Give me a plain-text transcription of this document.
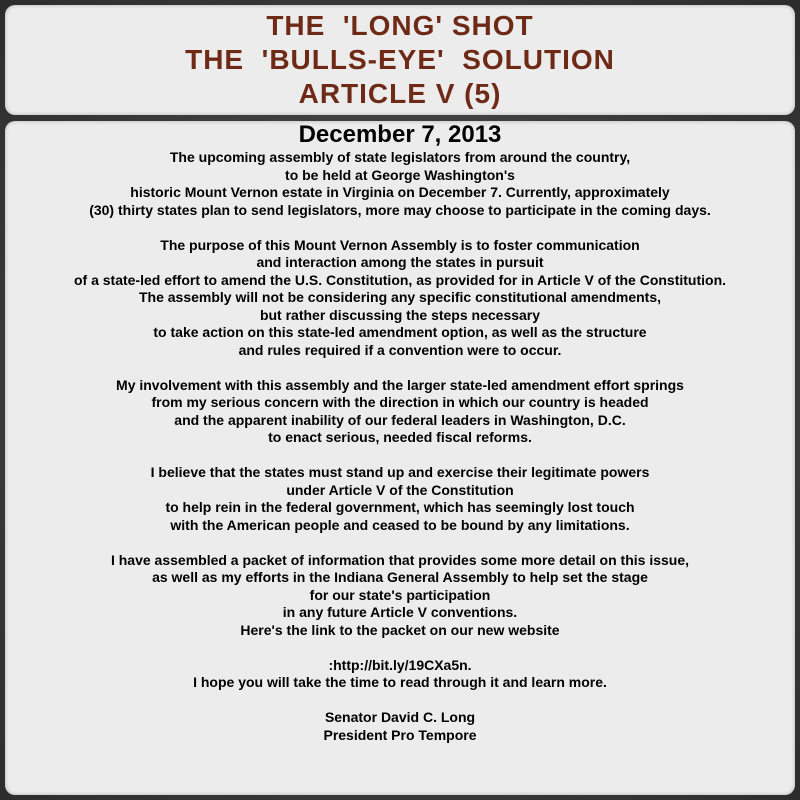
THE  'LONG' SHOT
THE  'BULLS-EYE'  SOLUTION
ARTICLE V (5)
December 7, 2013
The upcoming assembly of state legislators from around the country,
to be held at George Washington's
historic Mount Vernon estate in Virginia on December 7. Currently, approximately
(30) thirty states plan to send legislators, more may choose to participate in the coming days.
The purpose of this Mount Vernon Assembly is to foster communication
and interaction among the states in pursuit
of a state-led effort to amend the U.S. Constitution, as provided for in Article V of the Constitution.
The assembly will not be considering any specific constitutional amendments,
but rather discussing the steps necessary
to take action on this state-led amendment option, as well as the structure
and rules required if a convention were to occur.
My involvement with this assembly and the larger state-led amendment effort springs
from my serious concern with the direction in which our country is headed
and the apparent inability of our federal leaders in Washington, D.C.
to enact serious, needed fiscal reforms.
I believe that the states must stand up and exercise their legitimate powers
under Article V of the Constitution
to help rein in the federal government, which has seemingly lost touch
with the American people and ceased to be bound by any limitations.
I have assembled a packet of information that provides some more detail on this issue,
as well as my efforts in the Indiana General Assembly to help set the stage
for our state's participation
in any future Article V conventions.
Here's the link to the packet on our new website
:http://bit.ly/19CXa5n.
I hope you will take the time to read through it and learn more.
Senator David C. Long
President Pro Tempore
